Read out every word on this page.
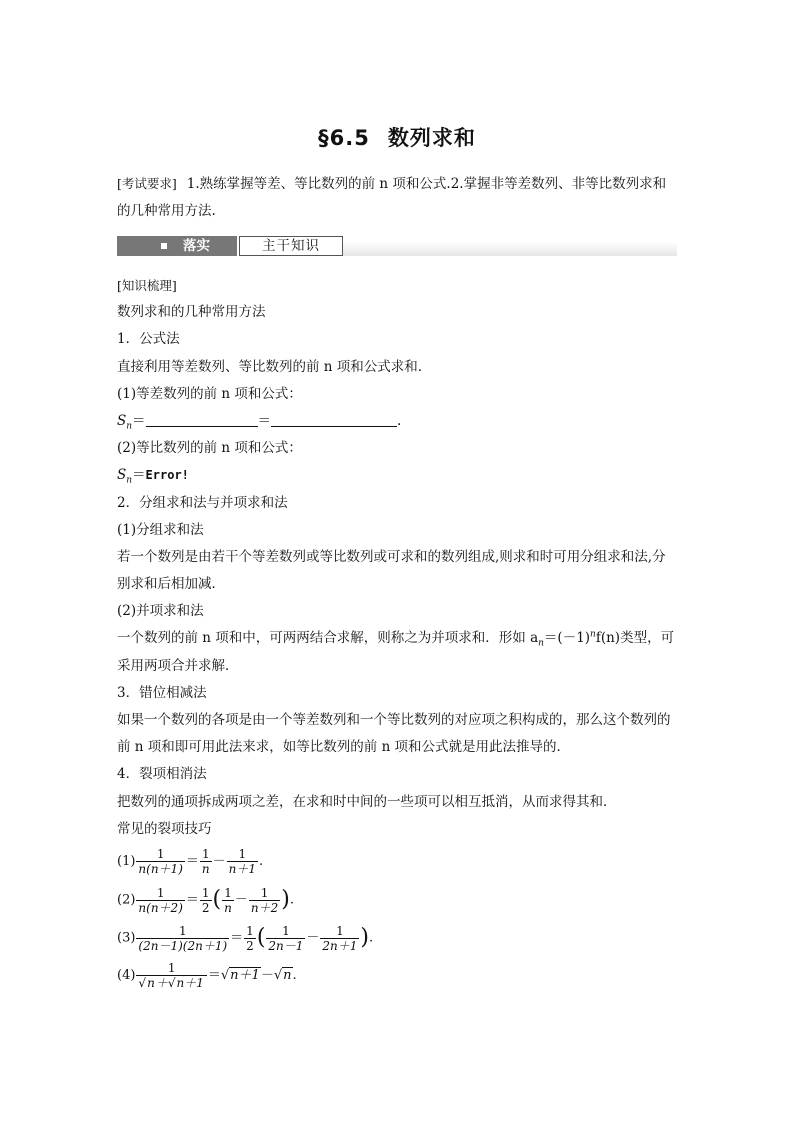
§6.5 数列求和
[考试要求] 1.熟练掌握等差、等比数列的前 n 项和公式.2.掌握非等差数列、非等比数列求和的几种常用方法.
落实	主干知识
[知识梳理]
数列求和的几种常用方法
1．公式法
直接利用等差数列、等比数列的前 n 项和公式求和．
(1)等差数列的前 n 项和公式：
$S_n=$	＝	.
(2)等比数列的前 n 项和公式：
$S_n=Error$!
2．分组求和法与并项求和法
(1)分组求和法
若一个数列是由若干个等差数列或等比数列或可求和的数列组成,则求和时可用分组求和法,分别求和后相加减．
(2)并项求和法
一个数列的前 n 项和中，可两两结合求解，则称之为并项求和．形如 $a_n=(-1)^nf(n)$类型，可
采用两项合并求解．
3．错位相减法
如果一个数列的各项是由一个等差数列和一个等比数列的对应项之积构成的，那么这个数列的前 n 项和即可用此法来求，如等比数列的前 n 项和公式就是用此法推导的．
4．裂项相消法
把数列的通项拆成两项之差，在求和时中间的一些项可以相互抵消，从而求得其和．
常见的裂项技巧
$(1) \frac{1}{n(n+1)} = \frac{1}{n} - \frac{1}{n+1}$ .
$(2) \frac{1}{n(n+2)} = \frac{1}{2}$ ( $\frac{1}{n} - \frac{1}{n+2}$ ).
$(3) \frac{1}{(2n-1)(2n+1)} = \frac{1}{2}$ ( $\frac{1}{2n-1} - \frac{1}{2n+1}$ ).
$(4) \frac{1}{√n+√n+1} =√n+1-√n$.
